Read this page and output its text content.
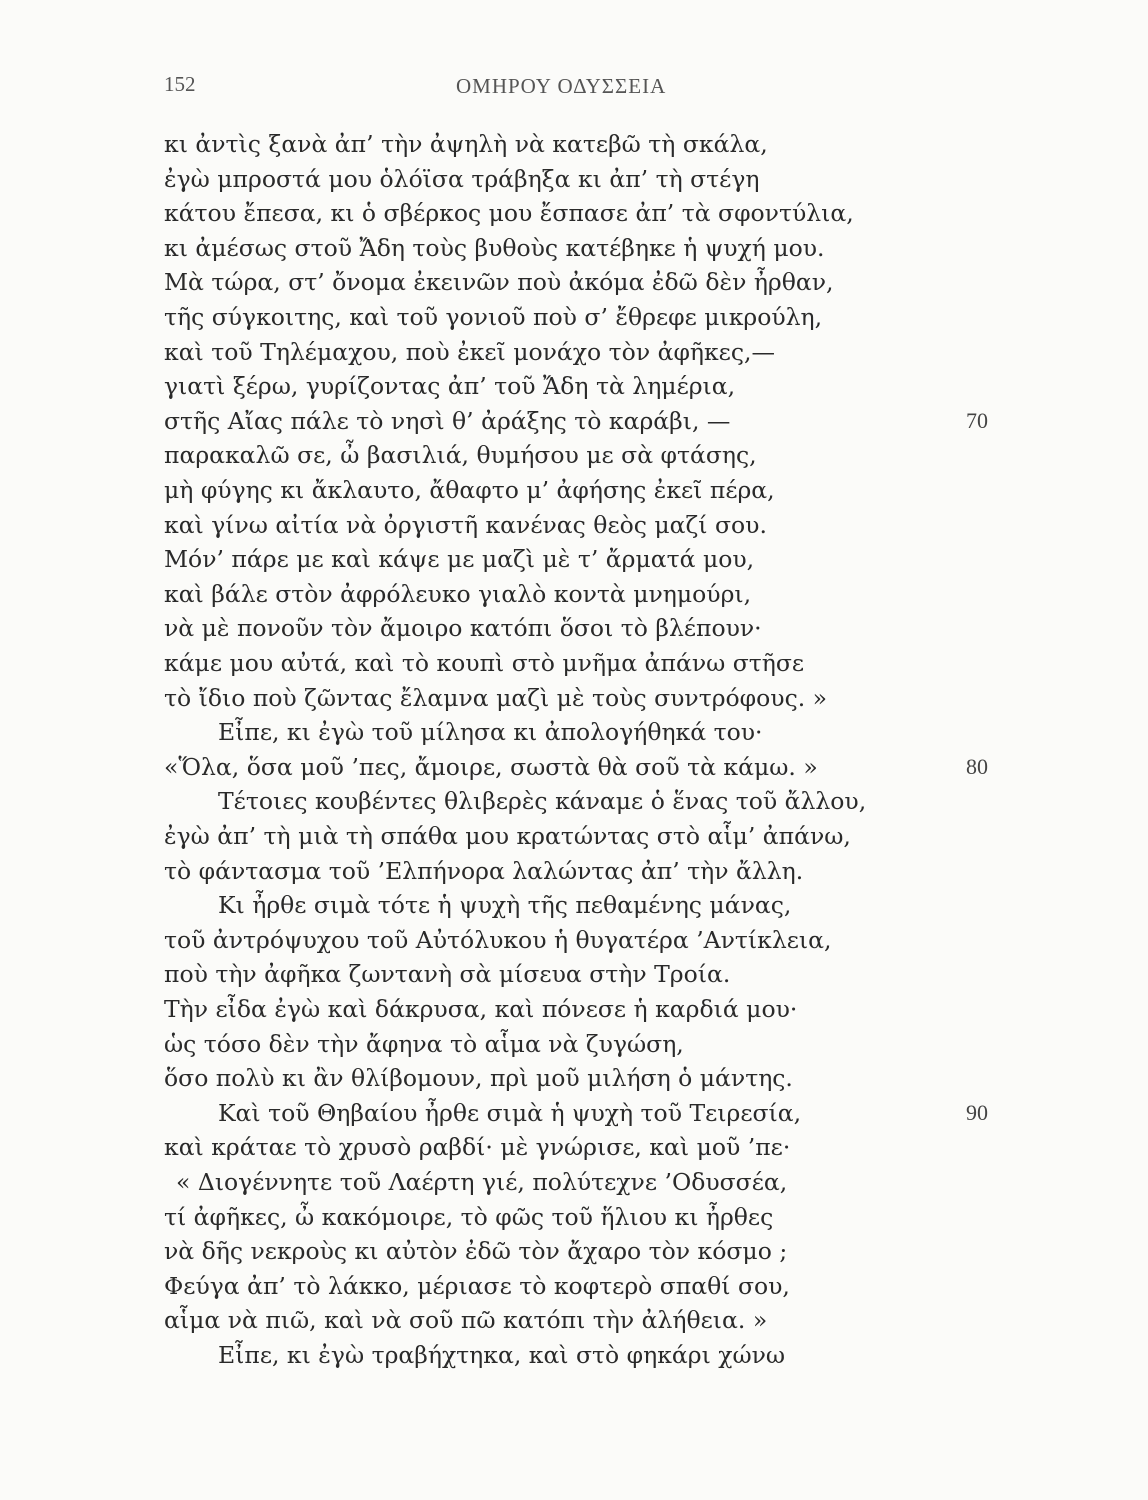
152	ΟΜΗΡΟΥ ΟΔΥΣΣΕΙΑ
κι ἀντὶς ξανὰ ἀπ’ τὴν ἀψηλὴ νὰ κατεβῶ τὴ σκάλα,
ἐγὼ μπροστά μου ὁλόϊσα τράβηξα κι ἀπ’ τὴ στέγη
κάτου ἔπεσα, κι ὁ σβέρκος μου ἔσπασε ἀπ’ τὰ σφοντύλια,
κι ἀμέσως στοῦ Ἄδη τοὺς βυθοὺς κατέβηκε ἡ ψυχή μου.
Μὰ τώρα, στ’ ὄνομα ἐκεινῶν ποὺ ἀκόμα ἐδῶ δὲν ἦρθαν,
τῆς σύγκοιτης, καὶ τοῦ γονιοῦ ποὺ σ’ ἔθρεφε μικρούλη,
καὶ τοῦ Τηλέμαχου, ποὺ ἐκεῖ μονάχο τὸν ἀφῆκες,—
γιατὶ ξέρω, γυρίζοντας ἀπ’ τοῦ Ἄδη τὰ λημέρια,
στῆς Αἴας πάλε τὸ νησὶ θ’ ἀράξης τὸ καράβι, —	70
παρακαλῶ σε, ὦ βασιλιά, θυμήσου με σὰ φτάσης,
μὴ φύγης κι ἄκλαυτο, ἄθαφτο μ’ ἀφήσης ἐκεῖ πέρα,
καὶ γίνω αἰτία νὰ ὀργιστῆ κανένας θεὸς μαζί σου.
Μόν’ πάρε με καὶ κάψε με μαζὶ μὲ τ’ ἄρματά μου,
καὶ βάλε στὸν ἀφρόλευκο γιαλὸ κοντὰ μνημούρι,
νὰ μὲ πονοῦν τὸν ἄμοιρο κατόπι ὅσοι τὸ βλέπουν·
κάμε μου αὐτά, καὶ τὸ κουπὶ στὸ μνῆμα ἀπάνω στῆσε
τὸ ἴδιο ποὺ ζῶντας ἔλαμνα μαζὶ μὲ τοὺς συντρόφους. »
Εἶπε, κι ἐγὼ τοῦ μίλησα κι ἀπολογήθηκά του·
«Ὅλα, ὅσα μοῦ ’πες, ἄμοιρε, σωστὰ θὰ σοῦ τὰ κάμω. »	80
Τέτοιες κουβέντες θλιβερὲς κάναμε ὁ ἕνας τοῦ ἄλλου,
ἐγὼ ἀπ’ τὴ μιὰ τὴ σπάθα μου κρατώντας στὸ αἷμ’ ἀπάνω,
τὸ φάντασμα τοῦ ’Ελπήνορα λαλώντας ἀπ’ τὴν ἄλλη.
Κι ἦρθε σιμὰ τότε ἡ ψυχὴ τῆς πεθαμένης μάνας,
τοῦ ἀντρόψυχου τοῦ Αὐτόλυκου ἡ θυγατέρα ’Αντίκλεια,
ποὺ τὴν ἀφῆκα ζωντανὴ σὰ μίσευα στὴν Τροία.
Τὴν εἶδα ἐγὼ καὶ δάκρυσα, καὶ πόνεσε ἡ καρδιά μου·
ὡς τόσο δὲν τὴν ἄφηνα τὸ αἷμα νὰ ζυγώση,
ὅσο πολὺ κι ἂν θλίβομουν, πρὶ μοῦ μιλήση ὁ μάντης.
Καὶ τοῦ Θηβαίου ἦρθε σιμὰ ἡ ψυχὴ τοῦ Τειρεσία,	90
καὶ κράταε τὸ χρυσὸ ραβδί· μὲ γνώρισε, καὶ μοῦ ’πε·
« Διογέννητε τοῦ Λαέρτη γιέ, πολύτεχνε ’Οδυσσέα,
τί ἀφῆκες, ὦ κακόμοιρε, τὸ φῶς τοῦ ἥλιου κι ἦρθες
νὰ δῆς νεκροὺς κι αὐτὸν ἐδῶ τὸν ἄχαρο τὸν κόσμο ;
Φεύγα ἀπ’ τὸ λάκκο, μέριασε τὸ κοφτερὸ σπαθί σου,
αἷμα νὰ πιῶ, καὶ νὰ σοῦ πῶ κατόπι τὴν ἀλήθεια. »
Εἶπε, κι ἐγὼ τραβήχτηκα, καὶ στὸ φηκάρι χώνω
